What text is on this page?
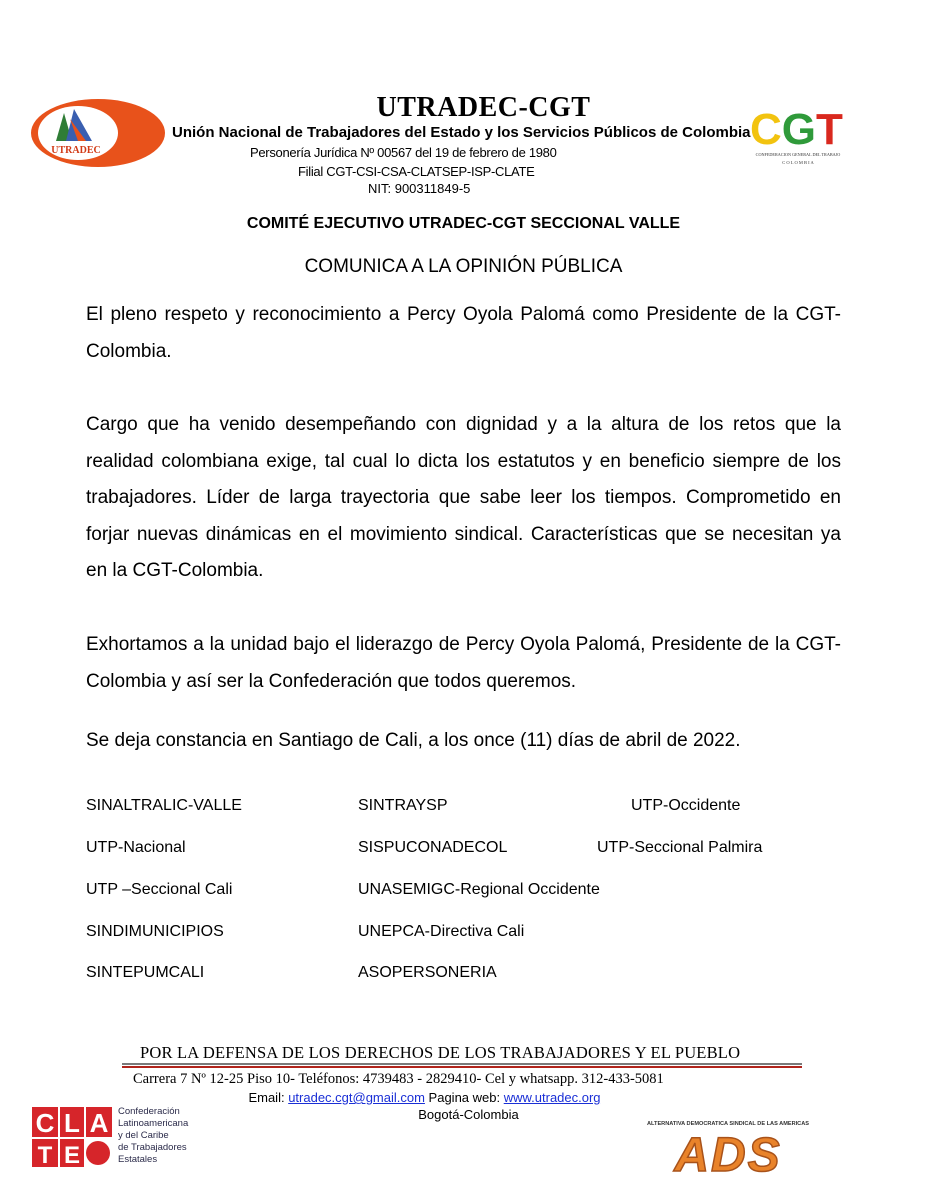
UTRADEC
UTRADEC-CGT
Unión Nacional de Trabajadores del Estado y los Servicios Públicos de Colombia
Personería Jurídica Nº 00567 del 19 de febrero de 1980
Filial CGT-CSI-CSA-CLATSEP-ISP-CLATE
NIT: 900311849-5
CGT
CONFEDERACION GENERAL DEL TRABAJO
C O L O M B I A
COMITÉ EJECUTIVO UTRADEC-CGT SECCIONAL VALLE
COMUNICA A LA OPINIÓN PÚBLICA
El pleno respeto y reconocimiento a Percy Oyola Palomá como Presidente de la CGT-Colombia.
Cargo que ha venido desempeñando con dignidad y a la altura de los retos que la realidad colombiana exige, tal cual lo dicta los estatutos y en beneficio siempre de los trabajadores. Líder de larga trayectoria que sabe leer los tiempos. Comprometido en forjar nuevas dinámicas en el movimiento sindical. Características que se necesitan ya en la CGT-Colombia.
Exhortamos a la unidad bajo el liderazgo de Percy Oyola Palomá, Presidente de la CGT-Colombia y así ser la Confederación que todos queremos.
Se deja constancia en Santiago de Cali, a los once (11) días de abril de 2022.
SINALTRALIC-VALLE	SINTRAYSP	UTP-Occidente
UTP-Nacional	SISPUCONADECOL	UTP-Seccional Palmira
UTP –Seccional Cali	UNASEMIGC-Regional Occidente
SINDIMUNICIPIOS	UNEPCA-Directiva Cali
SINTEPUMCALI	ASOPERSONERIA
POR LA DEFENSA DE LOS DERECHOS DE LOS TRABAJADORES Y EL PUEBLO
Carrera 7 Nº 12-25 Piso 10- Teléfonos: 4739483 - 2829410- Cel y whatsapp. 312-433-5081
Email: utradec.cgt@gmail.com Pagina web: www.utradec.org
Bogotá-Colombia
C L A
T E
Confederación
Latinoamericana
y del Caribe
de Trabajadores
Estatales
ALTERNATIVA DEMOCRATICA SINDICAL DE LAS AMERICAS
ADS
